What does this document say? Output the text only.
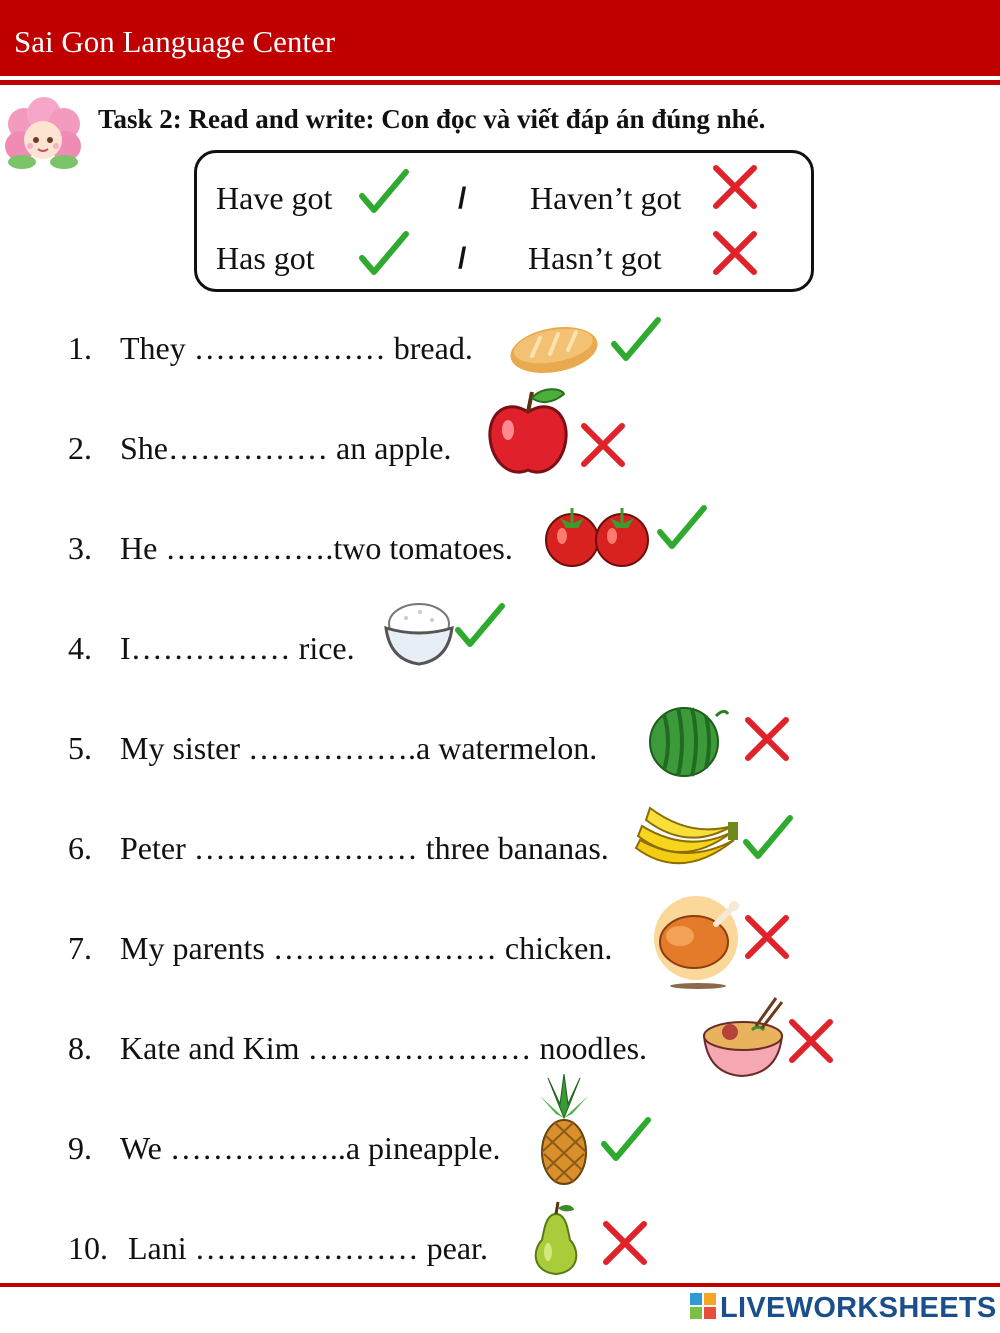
Sai Gon Language Center
Task 2: Read and write: Con đọc và viết đáp án đúng nhé.
Have got	/ Haven’t got
Has got	/ Hasn’t got
1. They ……………… bread.
2. She…………… an apple.
3. He …………….two tomatoes.
4. I…………… rice.
5. My sister …………….a watermelon.
6. Peter ………………… three bananas.
7. My parents ………………… chicken.
8. Kate and Kim ………………… noodles.
9. We ……………..a pineapple.
10. Lani ………………… pear.
LIVEWORKSHEETS
